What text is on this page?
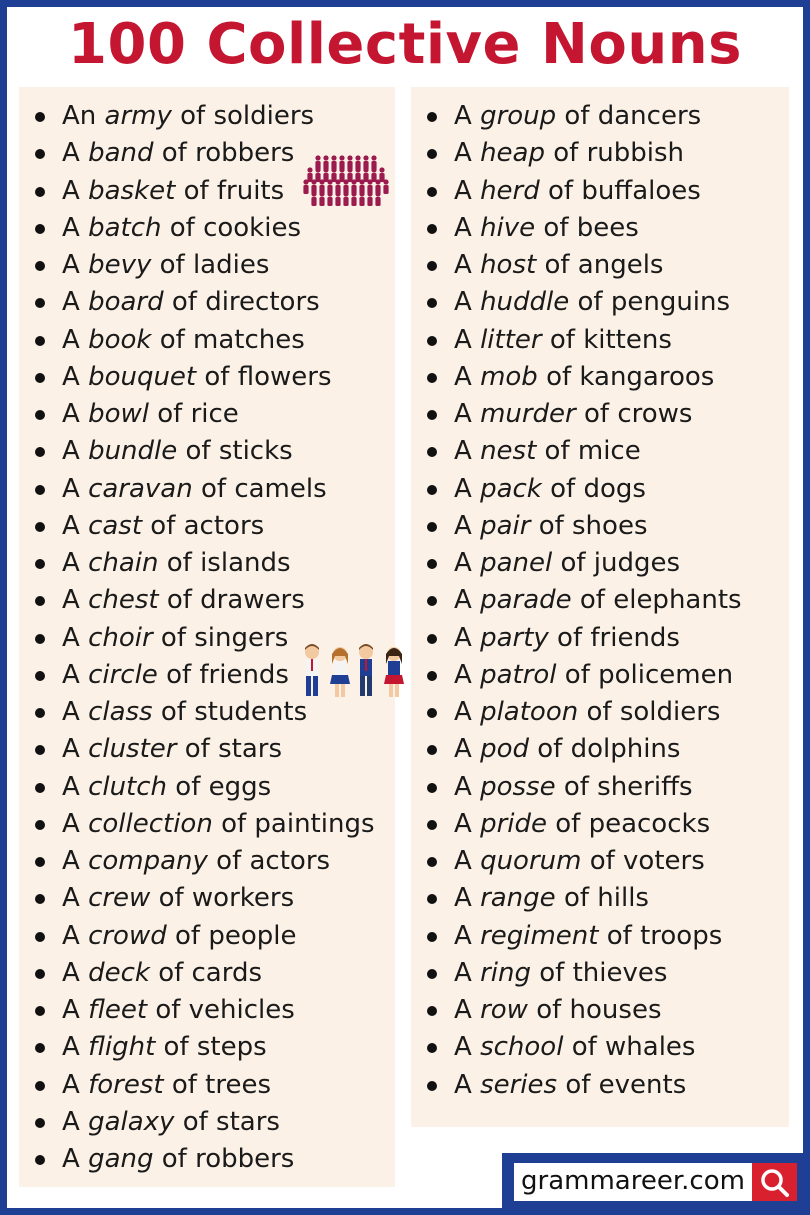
100 Collective Nouns
An army of soldiers
A band of robbers
A basket of fruits
A batch of cookies
A bevy of ladies
A board of directors
A book of matches
A bouquet of flowers
A bowl of rice
A bundle of sticks
A caravan of camels
A cast of actors
A chain of islands
A chest of drawers
A choir of singers
A circle of friends
A class of students
A cluster of stars
A clutch of eggs
A collection of paintings
A company of actors
A crew of workers
A crowd of people
A deck of cards
A fleet of vehicles
A flight of steps
A forest of trees
A galaxy of stars
A gang of robbers
A group of dancers
A heap of rubbish
A herd of buffaloes
A hive of bees
A host of angels
A huddle of penguins
A litter of kittens
A mob of kangaroos
A murder of crows
A nest of mice
A pack of dogs
A pair of shoes
A panel of judges
A parade of elephants
A party of friends
A patrol of policemen
A platoon of soldiers
A pod of dolphins
A posse of sheriffs
A pride of peacocks
A quorum of voters
A range of hills
A regiment of troops
A ring of thieves
A row of houses
A school of whales
A series of events
grammareer.com
